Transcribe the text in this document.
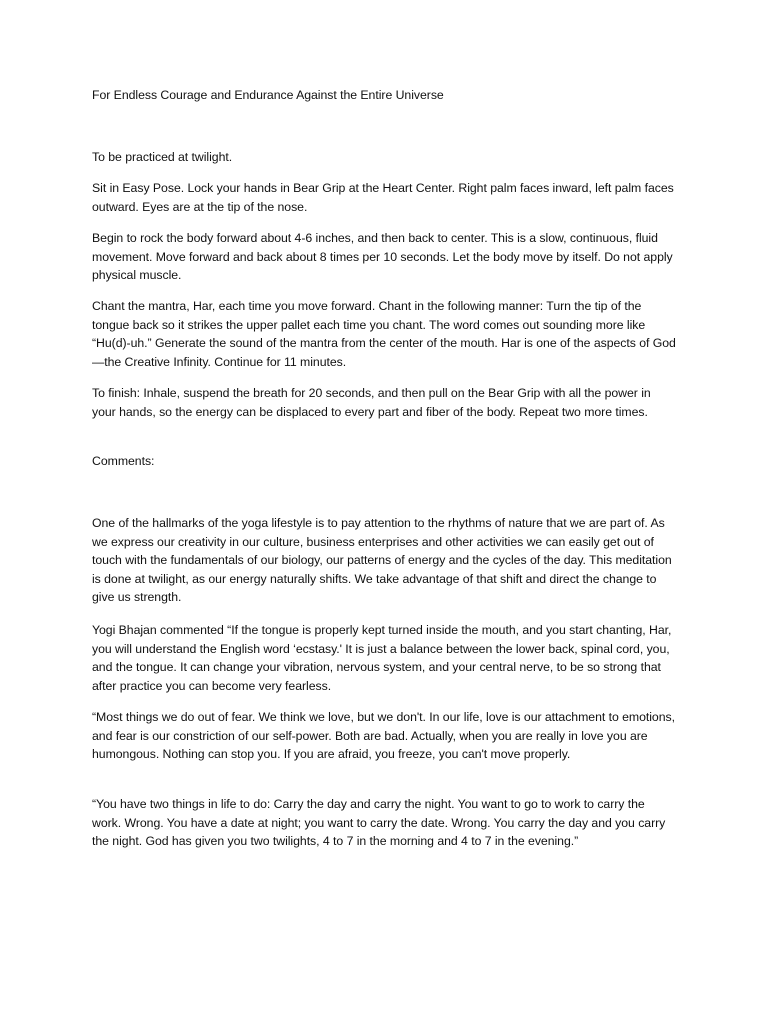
For Endless Courage and Endurance Against the Entire Universe

To be practiced at twilight.

Sit in Easy Pose. Lock your hands in Bear Grip at the Heart Center. Right palm faces inward, left palm faces outward. Eyes are at the tip of the nose.

Begin to rock the body forward about 4-6 inches, and then back to center. This is a slow, continuous, fluid movement. Move forward and back about 8 times per 10 seconds. Let the body move by itself. Do not apply physical muscle.

Chant the mantra, Har, each time you move forward. Chant in the following manner: Turn the tip of the tongue back so it strikes the upper pallet each time you chant. The word comes out sounding more like “Hu(d)-uh.” Generate the sound of the mantra from the center of the mouth. Har is one of the aspects of God—the Creative Infinity. Continue for 11 minutes.

To finish: Inhale, suspend the breath for 20 seconds, and then pull on the Bear Grip with all the power in your hands, so the energy can be displaced to every part and fiber of the body. Repeat two more times.

Comments:

One of the hallmarks of the yoga lifestyle is to pay attention to the rhythms of nature that we are part of. As we express our creativity in our culture, business enterprises and other activities we can easily get out of touch with the fundamentals of our biology, our patterns of energy and the cycles of the day. This meditation is done at twilight, as our energy naturally shifts. We take advantage of that shift and direct the change to give us strength.

Yogi Bhajan commented “If the tongue is properly kept turned inside the mouth, and you start chanting, Har, you will understand the English word ‘ecstasy.' It is just a balance between the lower back, spinal cord, you, and the tongue. It can change your vibration, nervous system, and your central nerve, to be so strong that after practice you can become very fearless.

“Most things we do out of fear. We think we love, but we don't. In our life, love is our attachment to emotions, and fear is our constriction of our self-power. Both are bad. Actually, when you are really in love you are humongous. Nothing can stop you. If you are afraid, you freeze, you can't move properly.

“You have two things in life to do: Carry the day and carry the night. You want to go to work to carry the work. Wrong. You have a date at night; you want to carry the date. Wrong. You carry the day and you carry the night. God has given you two twilights, 4 to 7 in the morning and 4 to 7 in the evening.”
